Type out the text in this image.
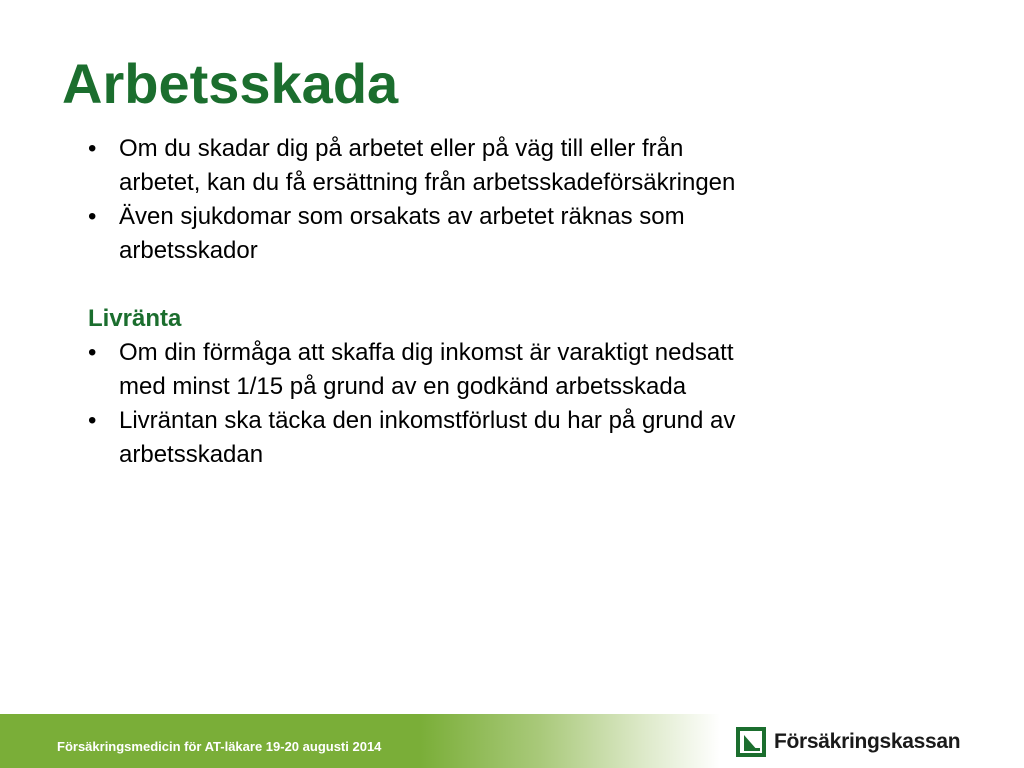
Arbetsskada
• Om du skadar dig på arbetet eller på väg till eller från
arbetet, kan du få ersättning från arbetsskadeförsäkringen
• Även sjukdomar som orsakats av arbetet räknas som
arbetsskador

Livränta

• Om din förmåga att skaffa dig inkomst är varaktigt nedsatt
med minst 1/15 på grund av en godkänd arbetsskada
• Livräntan ska täcka den inkomstförlust du har på grund av
arbetsskadan
Försäkringsmedicin för AT-läkare 19-20 augusti 2014	Försäkringskassan
